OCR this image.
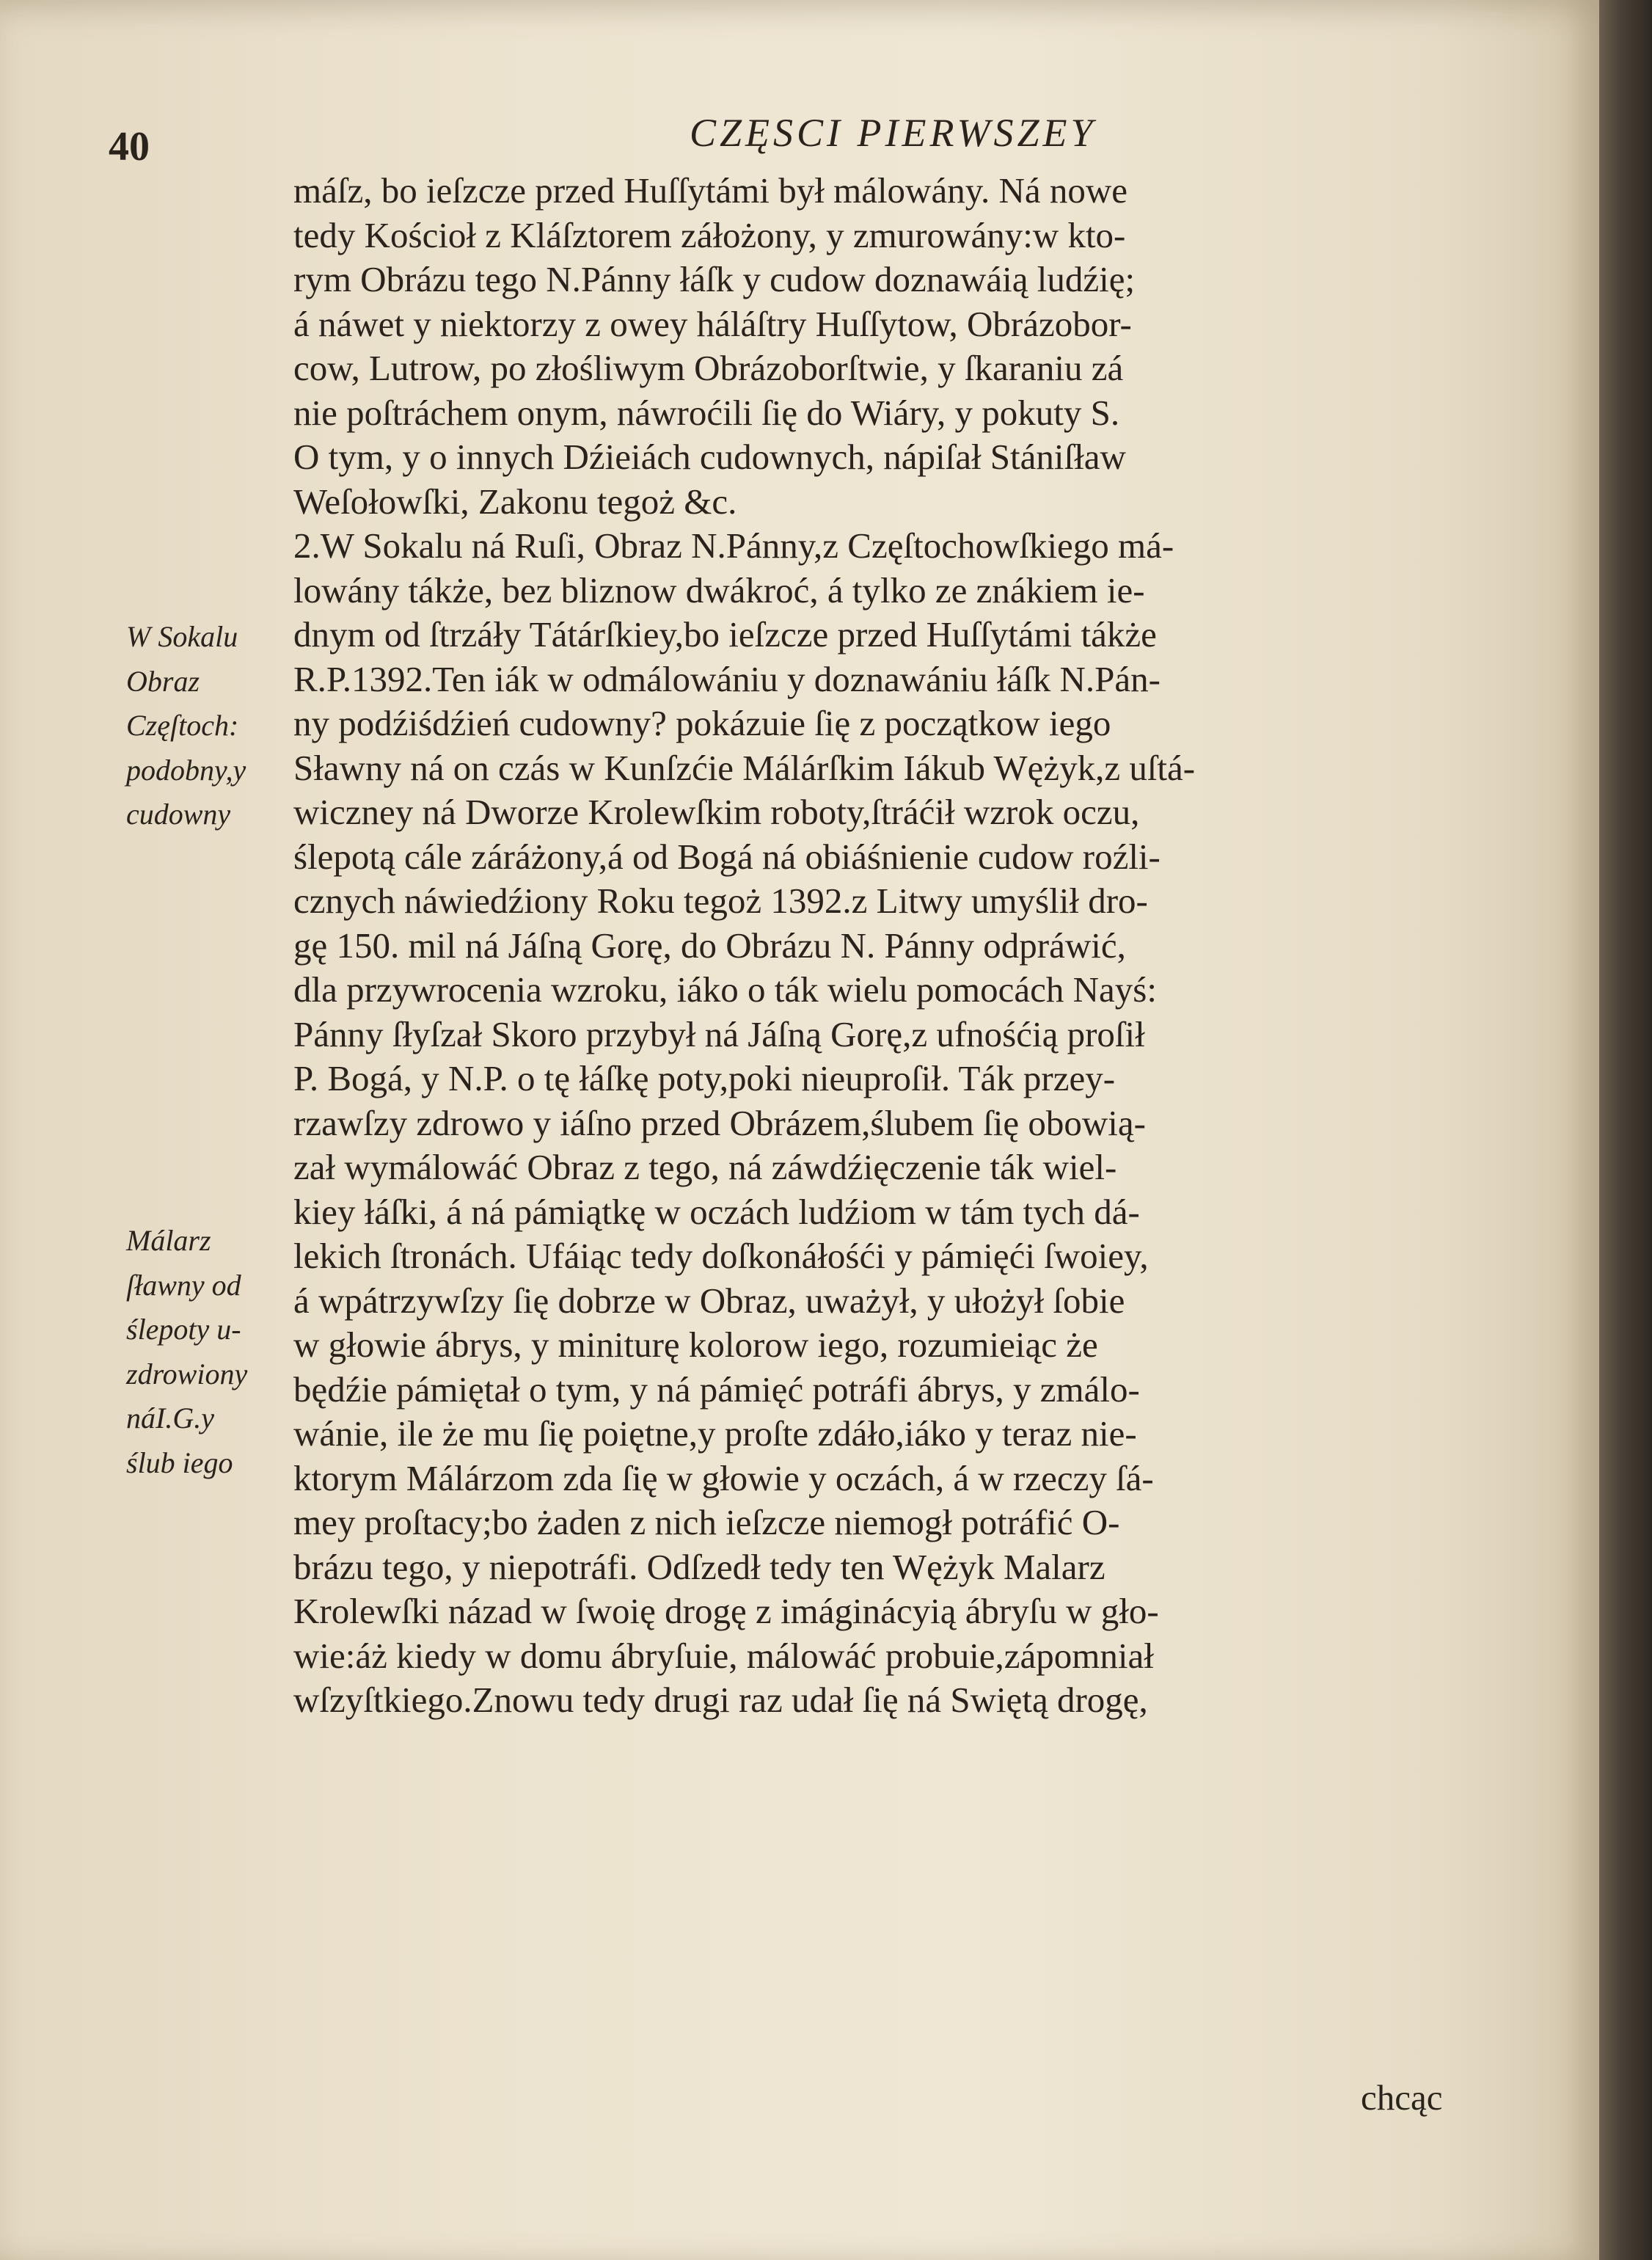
40	CZĘSCI PIERWSZEY
W Sokalu
Obraz
Częſtoch:
podobny,y
cudowny
Málarz
ſławny od
ślepoty u-
zdrowiony
náI.G.y
ślub iego
máſz, bo ieſzcze przed Huſſytámi był málowány. Ná nowe
tedy Kościoł z Kláſztorem záłożony, y zmurowány:w kto-
rym Obrázu tego N.Pánny łáſk y cudow doznawáią ludźię;
á náwet y niektorzy z owey háláſtry Huſſytow, Obrázobor-
cow, Lutrow, po złośliwym Obrázoborſtwie, y ſkaraniu zá
nie poſtráchem onym, náwroćili ſię do Wiáry, y pokuty S.
O tym, y o innych Dźieiách cudownych, nápiſał Stániſław
Weſołowſki, Zakonu tegoż &c.
2.W Sokalu ná Ruſi, Obraz N.Pánny,z Częſtochowſkiego má-
lowány tákże, bez bliznow dwákroć, á tylko ze znákiem ie-
dnym od ſtrzáły Tátárſkiey,bo ieſzcze przed Huſſytámi tákże
R.P.1392.Ten iák w odmálowániu y doznawániu łáſk N.Pán-
ny podźiśdźień cudowny? pokázuie ſię z początkow iego
Sławny ná on czás w Kunſzćie Málárſkim Iákub Wężyk,z uſtá-
wiczney ná Dworze Krolewſkim roboty,ſtráćił wzrok oczu,
ślepotą cále záráżony,á od Bogá ná obiáśnienie cudow roźli-
cznych náwiedźiony Roku tegoż 1392.z Litwy umyślił dro-
gę 150. mil ná Jáſną Gorę, do Obrázu N. Pánny odpráwić,
dla przywrocenia wzroku, iáko o ták wielu pomocách Nayś:
Pánny ſłyſzał Skoro przybył ná Jáſną Gorę,z ufnośćią proſił
P. Bogá, y N.P. o tę łáſkę poty,poki nieuproſił. Ták przey-
rzawſzy zdrowo y iáſno przed Obrázem,ślubem ſię obowią-
zał wymálowáć Obraz z tego, ná záwdźięczenie ták wiel-
kiey łáſki, á ná pámiątkę w oczách ludźiom w tám tych dá-
lekich ſtronách. Ufáiąc tedy doſkonáłośći y pámięći ſwoiey,
á wpátrzywſzy ſię dobrze w Obraz, uważył, y ułożył ſobie
w głowie ábrys, y miniturę kolorow iego, rozumieiąc że
będźie pámiętał o tym, y ná pámięć potráfi ábrys, y zmálo-
wánie, ile że mu ſię poiętne,y proſte zdáło,iáko y teraz nie-
ktorym Málárzom zda ſię w głowie y oczách, á w rzeczy ſá-
mey proſtacy;bo żaden z nich ieſzcze niemogł potráfić O-
brázu tego, y niepotráfi. Odſzedł tedy ten Wężyk Malarz
Krolewſki názad w ſwoię drogę z imáginácyią ábryſu w gło-
wie:áż kiedy w domu ábryſuie, málowáć probuie,zápomniał
wſzyſtkiego.Znowu tedy drugi raz udał ſię ná Swiętą drogę,
chcąc
